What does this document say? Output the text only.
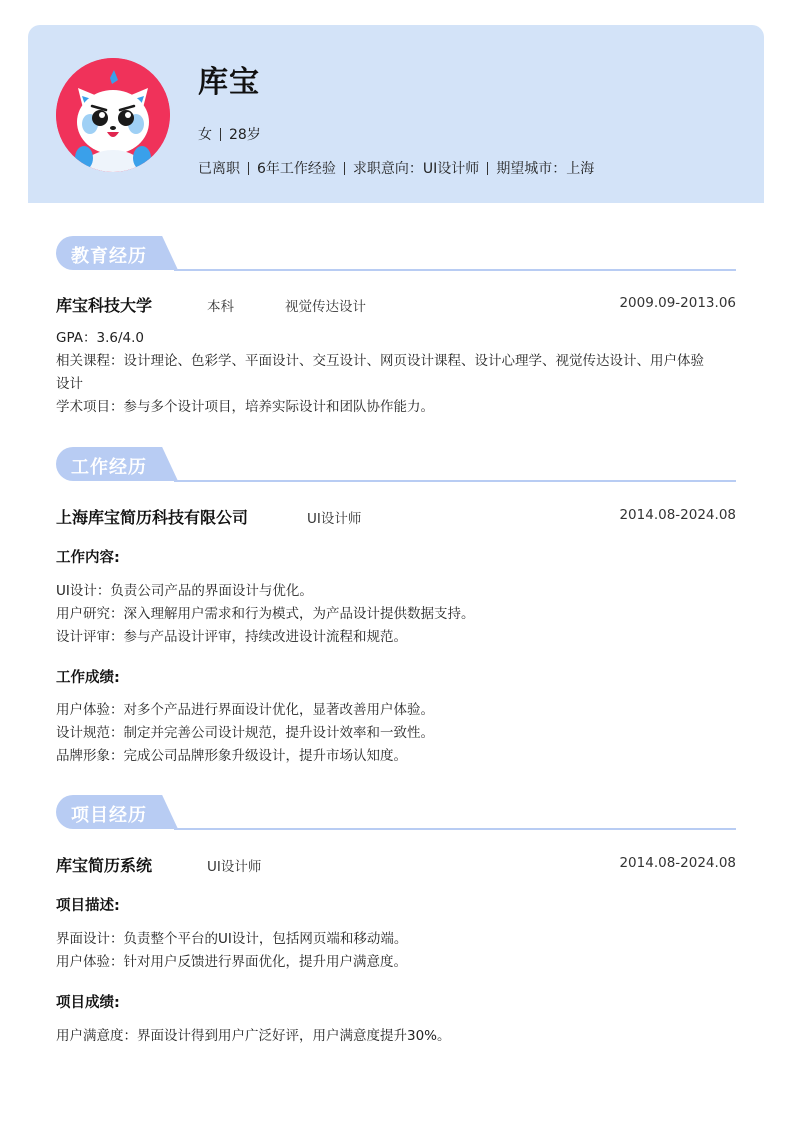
库宝
女 28岁
已离职 6年工作经验 求职意向：UI设计师 期望城市：上海
教育经历
库宝科技大学	本科	视觉传达设计	2009.09-2013.06
GPA：3.6/4.0
相关课程：设计理论、色彩学、平面设计、交互设计、网页设计课程、设计心理学、视觉传达设计、用户体验
设计
学术项目：参与多个设计项目，培养实际设计和团队协作能力。
工作经历
上海库宝简历科技有限公司	UI设计师	2014.08-2024.08
工作内容:
UI设计：负责公司产品的界面设计与优化。
用户研究：深入理解用户需求和行为模式，为产品设计提供数据支持。
设计评审：参与产品设计评审，持续改进设计流程和规范。
工作成绩:
用户体验：对多个产品进行界面设计优化，显著改善用户体验。
设计规范：制定并完善公司设计规范，提升设计效率和一致性。
品牌形象：完成公司品牌形象升级设计，提升市场认知度。
项目经历
库宝简历系统	UI设计师	2014.08-2024.08
项目描述:
界面设计：负责整个平台的UI设计，包括网页端和移动端。
用户体验：针对用户反馈进行界面优化，提升用户满意度。
项目成绩:
用户满意度：界面设计得到用户广泛好评，用户满意度提升30%。
